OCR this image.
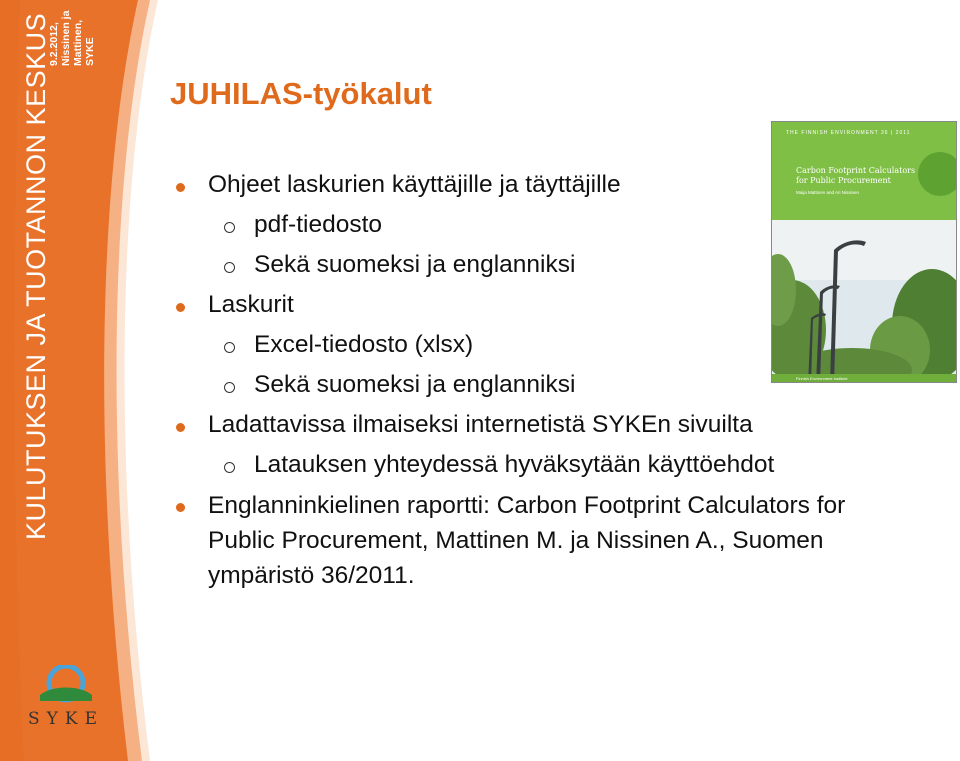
KULUTUKSEN JA TUOTANNON KESKUS
9.2.2012, Nissinen ja Mattinen, SYKE
SYKE
JUHILAS-työkalut
Ohjeet laskurien käyttäjille ja täyttäjille
pdf-tiedosto
Sekä suomeksi ja englanniksi
Laskurit
Excel-tiedosto (xlsx)
Sekä suomeksi ja englanniksi
Ladattavissa ilmaiseksi internetistä SYKEn sivuilta
Latauksen yhteydessä hyväksytään käyttöehdot
Englanninkielinen raportti: Carbon Footprint Calculators for
Public Procurement, Mattinen M. ja Nissinen A., Suomen
ympäristö 36/2011.
THE FINNISH ENVIRONMENT 36 | 2011
Carbon Footprint Calculators
for Public Procurement
Maija Mattinen and Ari Nissinen
Finnish Environment Institute
